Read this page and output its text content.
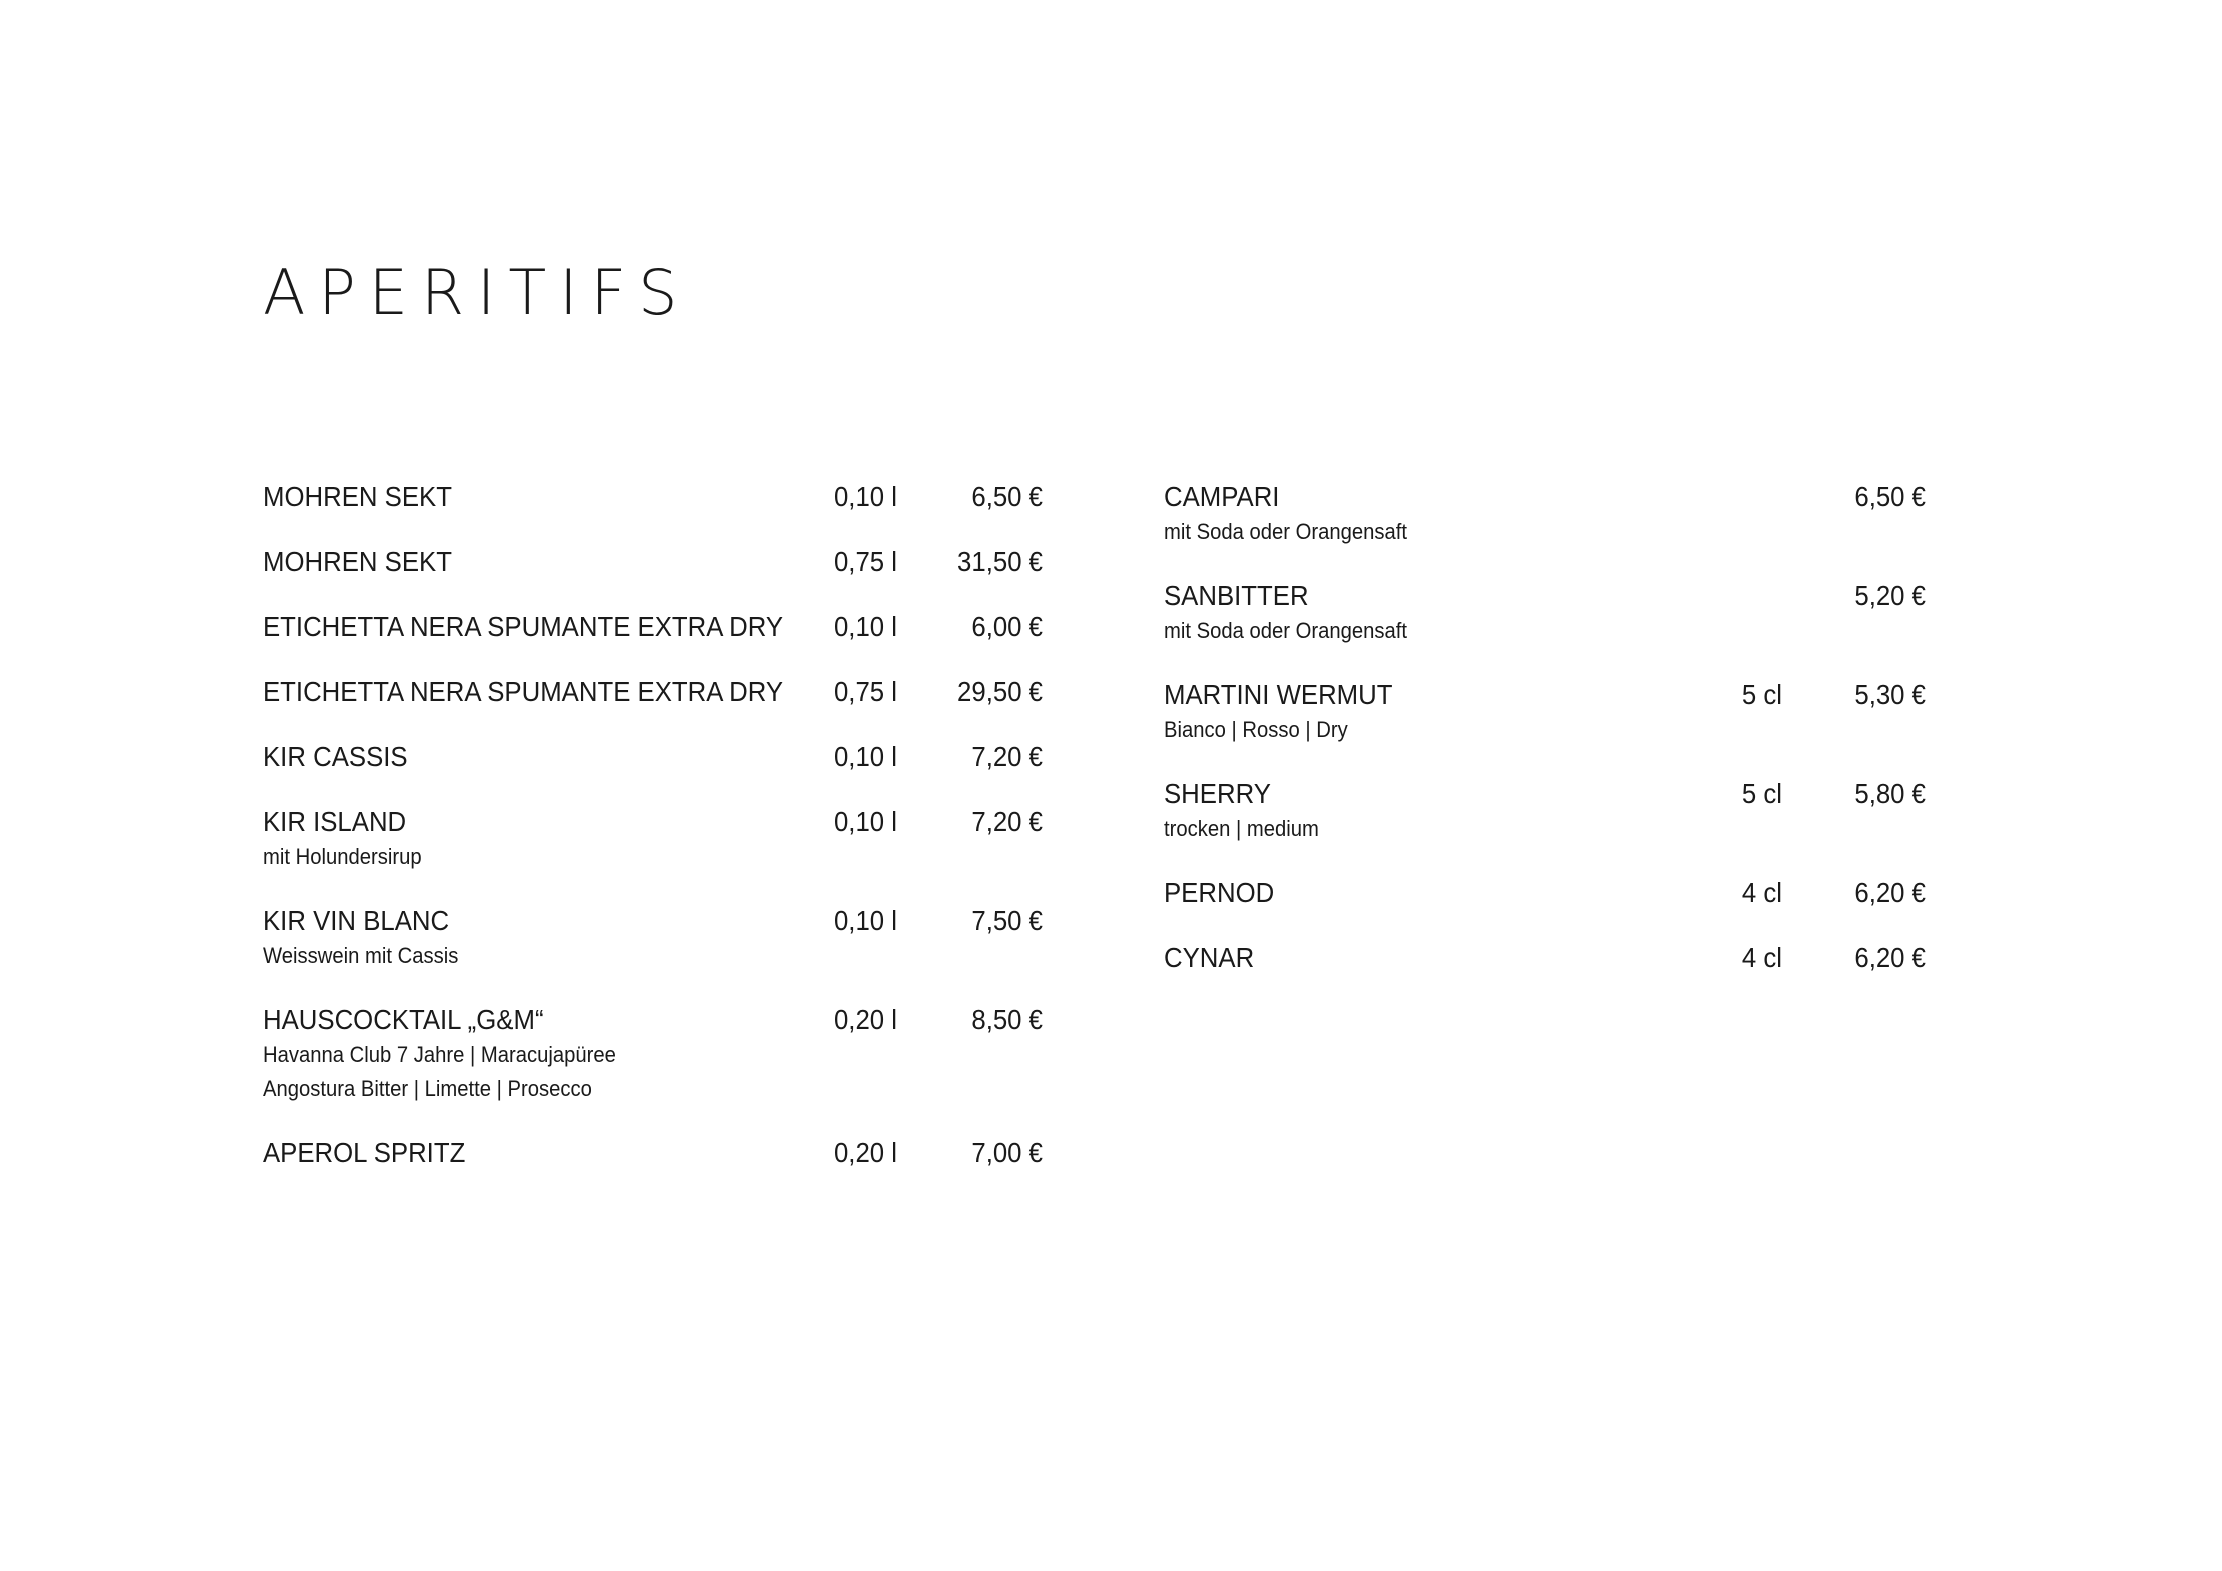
APERITIFS
MOHREN SEKT	0,10 l	6,50 €
MOHREN SEKT	0,75 l	31,50 €
ETICHETTA NERA SPUMANTE EXTRA DRY	0,10 l	6,00 €
ETICHETTA NERA SPUMANTE EXTRA DRY	0,75 l	29,50 €
KIR CASSIS	0,10 l	7,20 €
KIR ISLAND	0,10 l	7,20 €
mit Holundersirup
KIR VIN BLANC	0,10 l	7,50 €
Weisswein mit Cassis
HAUSCOCKTAIL „G&M“	0,20 l	8,50 €
Havanna Club 7 Jahre | Maracujapüree
Angostura Bitter | Limette | Prosecco
APEROL SPRITZ	0,20 l	7,00 €
CAMPARI	6,50 €
mit Soda oder Orangensaft
SANBITTER	5,20 €
mit Soda oder Orangensaft
MARTINI WERMUT	5 cl	5,30 €
Bianco | Rosso | Dry
SHERRY	5 cl	5,80 €
trocken | medium
PERNOD	4 cl	6,20 €
CYNAR	4 cl	6,20 €
